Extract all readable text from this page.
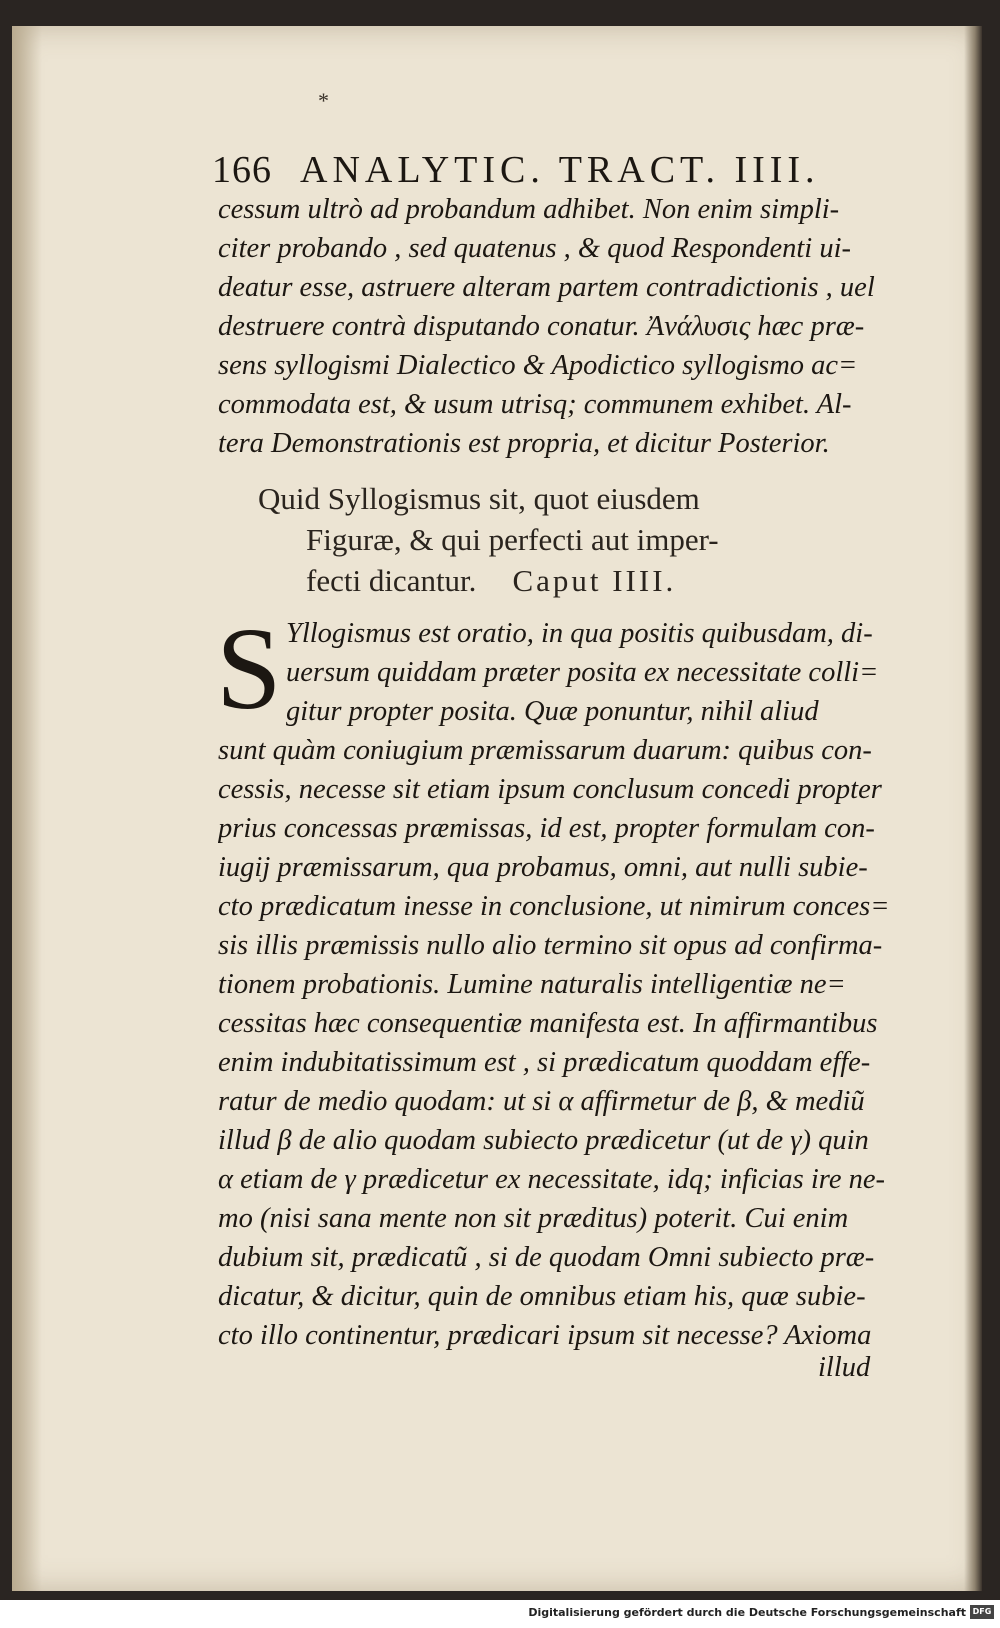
*
166 ANALYTIC. TRACT. IIII.
cessum ultrò ad probandum adhibet. Non enim simpli-
citer probando , sed quatenus , & quod Respondenti ui-
deatur esse, astruere alteram partem contradictionis , uel
destruere contrà disputando conatur. Ἀνάλυσις hæc præ-
sens syllogismi Dialectico & Apodictico syllogismo ac=
commodata est, & usum utrisq; communem exhibet. Al-
tera Demonstrationis est propria, et dicitur Posterior.
Quid Syllogismus sit, quot eiusdem
Figuræ, & qui perfecti aut imper-
fecti dicantur. Caput IIII.
S Yllogismus est oratio, in qua positis quibusdam, di-
uersum quiddam præter posita ex necessitate colli=
gitur propter posita. Quæ ponuntur, nihil aliud
sunt quàm coniugium præmissarum duarum: quibus con-
cessis, necesse sit etiam ipsum conclusum concedi propter
prius concessas præmissas, id est, propter formulam con-
iugij præmissarum, qua probamus, omni, aut nulli subie-
cto prædicatum inesse in conclusione, ut nimirum conces=
sis illis præmissis nullo alio termino sit opus ad confirma-
tionem probationis. Lumine naturalis intelligentiæ ne=
cessitas hæc consequentiæ manifesta est. In affirmantibus
enim indubitatissimum est , si prædicatum quoddam effe-
ratur de medio quodam: ut si α affirmetur de β, & mediũ
illud β de alio quodam subiecto prædicetur (ut de γ) quin
α etiam de γ prædicetur ex necessitate, idq; inficias ire ne-
mo (nisi sana mente non sit præditus) poterit. Cui enim
dubium sit, prædicatũ , si de quodam Omni subiecto præ-
dicatur, & dicitur, quin de omnibus etiam his, quæ subie-
cto illo continentur, prædicari ipsum sit necesse? Axioma
illud
Digitalisierung gefördert durch die Deutsche Forschungsgemeinschaft DFG
